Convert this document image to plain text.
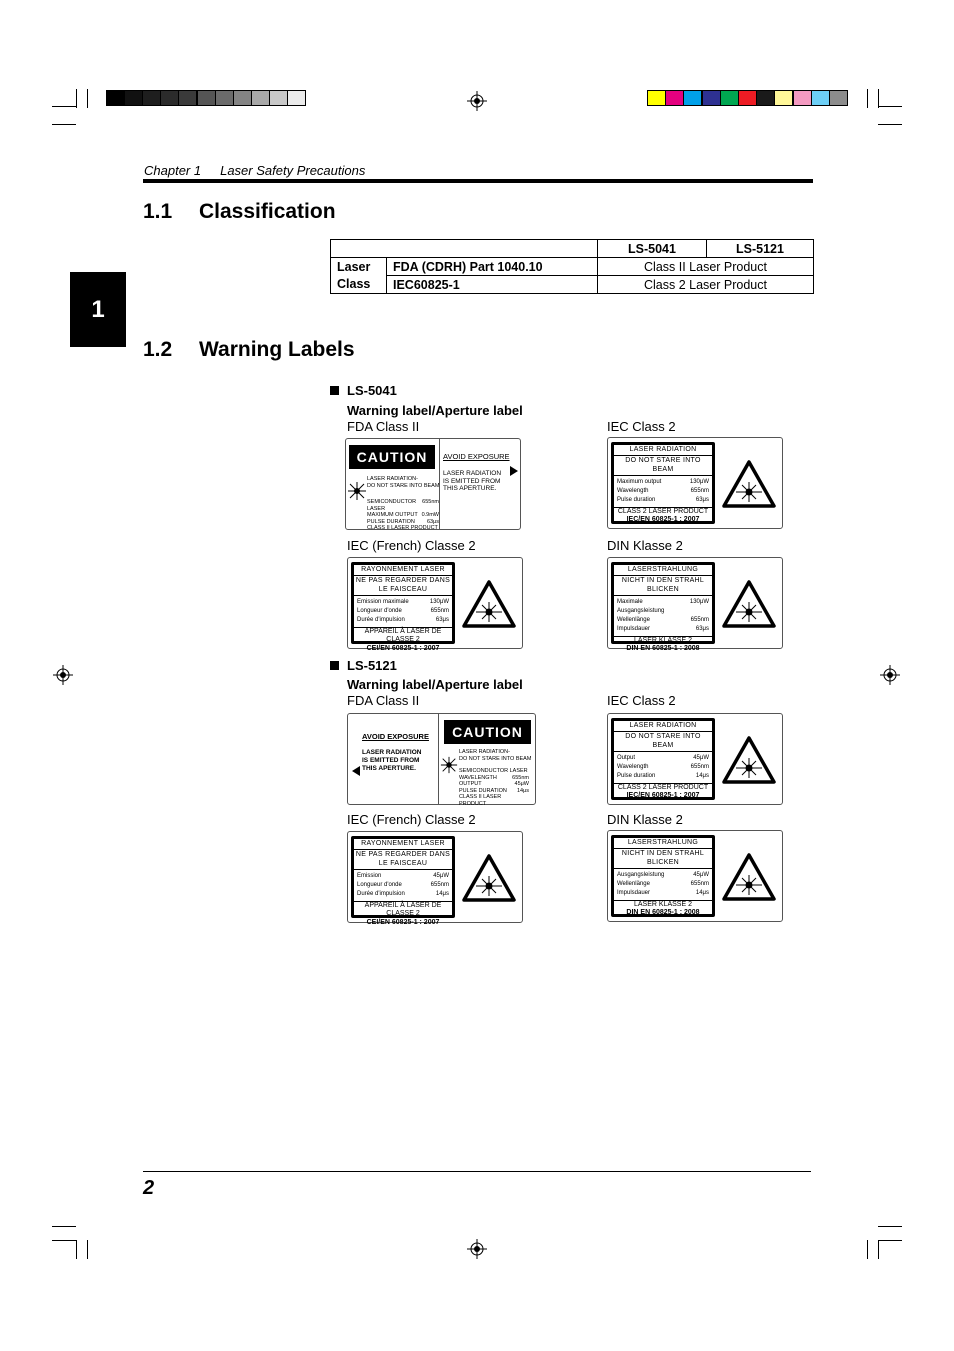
Chapter 1 Laser Safety Precautions
1
1.1 Classification
		LS-5041	LS-5121
Laser	FDA (CDRH) Part 1040.10	Class II Laser Product	
Class	IEC60825-1	Class 2 Laser Product	
1.2 Warning Labels
LS-5041
Warning label/Aperture label
FDA Class II	IEC Class 2
IEC (French) Classe 2	DIN Klasse 2
CAUTION
LASER RADIATION-
DO NOT STARE INTO BEAM
SEMICONDUCTOR LASER
655nm
MAXIMUM OUTPUT 0.9mW
PULSE DURATION 63μs
CLASS II LASER PRODUCT
AVOID EXPOSURE
LASER RADIATION
IS EMITTED FROM
THIS APERTURE.
LASER RADIATION
DO NOT STARE INTO BEAM
Maximum output	130μW
Wavelength	655nm
Pulse duration	63μs
CLASS 2 LASER PRODUCT
IEC/EN 60825-1 : 2007
RAYONNEMENT LASER
NE PAS REGARDER DANS LE FAISCEAU
Emission maximale	130μW
Longueur d'onde	655nm
Durée d'impulsion	63μs
APPAREIL À LASER DE CLASSE 2
CEI/EN 60825-1 : 2007
LASERSTRAHLUNG
NICHT IN DEN STRAHL BLICKEN
Maximale Ausgangsleistung
130μW
Wellenlänge	655nm
Impulsdauer	63μs
LASER KLASSE 2
DIN EN 60825-1 : 2008
LS-5121
Warning label/Aperture label
FDA Class II	IEC Class 2
IEC (French) Classe 2	DIN Klasse 2
AVOID EXPOSURE
LASER RADIATION
IS EMITTED FROM
THIS APERTURE.
CAUTION
LASER RADIATION-
DO NOT STARE INTO BEAM
SEMICONDUCTOR LASER
WAVELENGTH	655nm
OUTPUT	45μW
PULSE DURATION 14μs
CLASS II LASER PRODUCT
LASER RADIATION
DO NOT STARE INTO BEAM
Output	45μW
Wavelength	655nm
Pulse duration	14μs
CLASS 2 LASER PRODUCT
IEC/EN 60825-1 : 2007
RAYONNEMENT LASER
NE PAS REGARDER DANS LE FAISCEAU
Emission	45μW
Longueur d'onde	655nm
Durée d'impulsion	14μs
APPAREIL À LASER DE CLASSE 2
CEI/EN 60825-1 : 2007
LASERSTRAHLUNG
NICHT IN DEN STRAHL BLICKEN
Ausgangsleistung	45μW
Wellenlänge	655nm
Impulsdauer	14μs
LASER KLASSE 2
DIN EN 60825-1 : 2008
2
